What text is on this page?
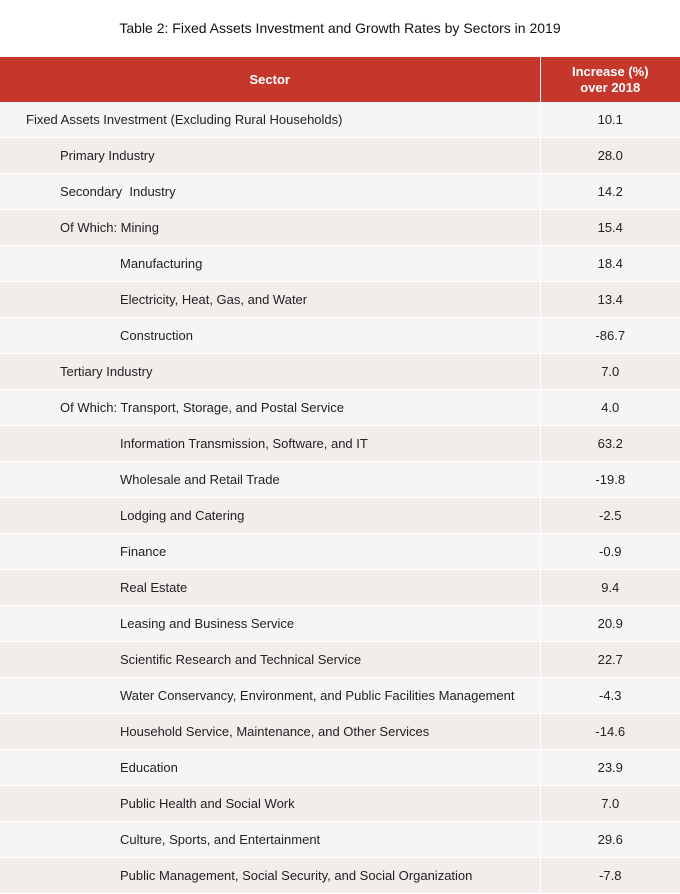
Table 2: Fixed Assets Investment and Growth Rates by Sectors in 2019
Sector	Increase (%)
over 2018

Fixed Assets Investment (Excluding Rural Households)	10.1
Primary Industry	28.0
Secondary  Industry	14.2
Of Which: Mining	15.4
Manufacturing	18.4
Electricity, Heat, Gas, and Water	13.4
Construction	-86.7
Tertiary Industry	7.0
Of Which: Transport, Storage, and Postal Service	4.0
Information Transmission, Software, and IT	63.2
Wholesale and Retail Trade	-19.8
Lodging and Catering	-2.5
Finance	-0.9
Real Estate	9.4
Leasing and Business Service	20.9
Scientific Research and Technical Service	22.7
Water Conservancy, Environment, and Public Facilities Management	-4.3
Household Service, Maintenance, and Other Services	-14.6
Education	23.9
Public Health and Social Work	7.0
Culture, Sports, and Entertainment	29.6
Public Management, Social Security, and Social Organization	-7.8
